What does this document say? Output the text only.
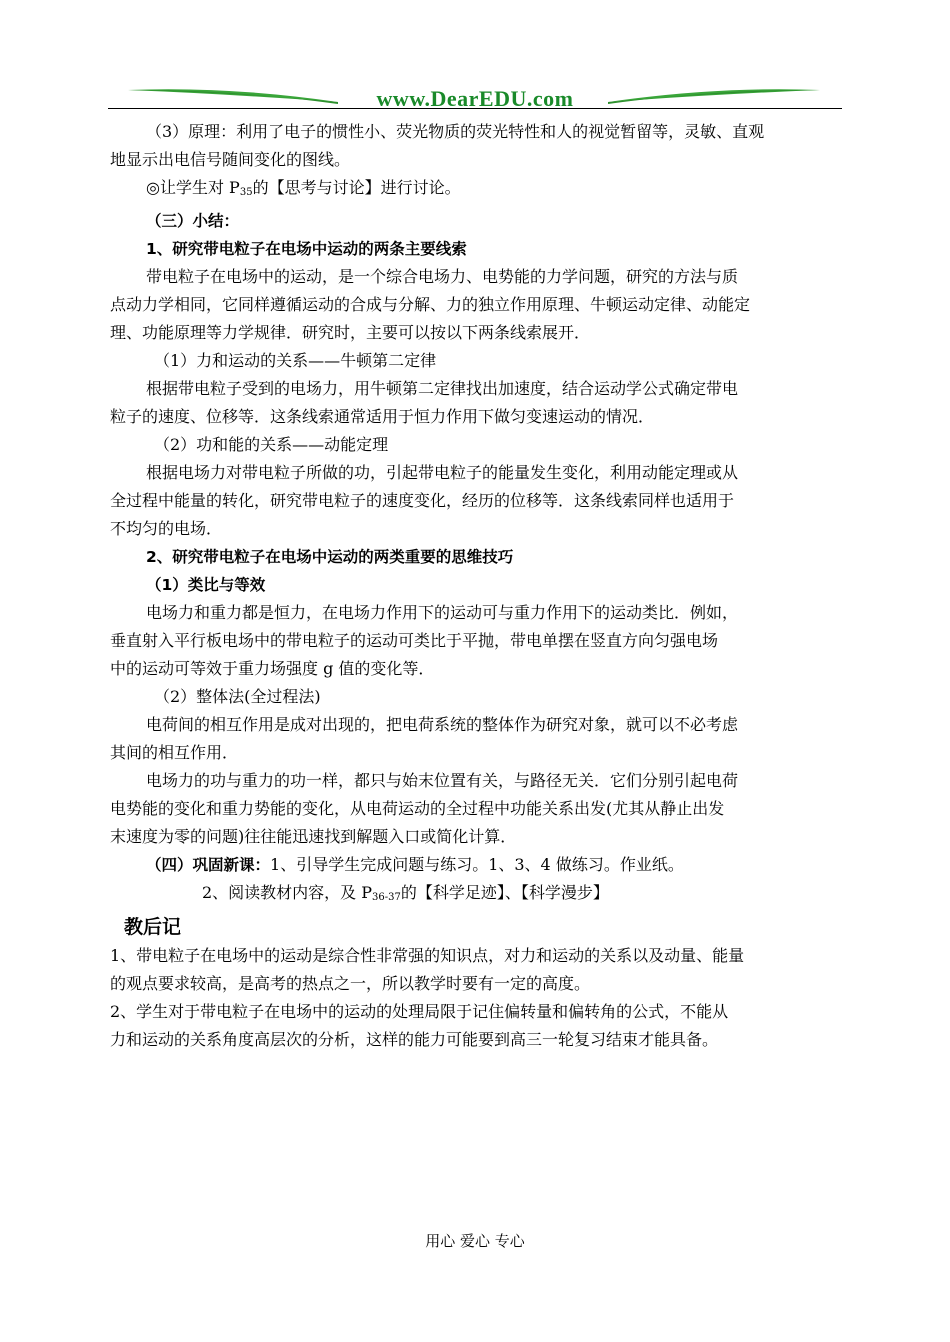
www.DearEDU.com

（3）原理：利用了电子的惯性小、荧光物质的荧光特性和人的视觉暂留等，灵敏、直观

地显示出电信号随间变化的图线。

◎让学生对 $P_{35}$的【思考与讨论】进行讨论。

（三）小结：

1、研究带电粒子在电场中运动的两条主要线索

带电粒子在电场中的运动，是一个综合电场力、电势能的力学问题，研究的方法与质

点动力学相同，它同样遵循运动的合成与分解、力的独立作用原理、牛顿运动定律、动能定

理、功能原理等力学规律．研究时，主要可以按以下两条线索展开．

（1）力和运动的关系——牛顿第二定律

根据带电粒子受到的电场力，用牛顿第二定律找出加速度，结合运动学公式确定带电

粒子的速度、位移等．这条线索通常适用于恒力作用下做匀变速运动的情况．

（2）功和能的关系——动能定理

根据电场力对带电粒子所做的功，引起带电粒子的能量发生变化，利用动能定理或从

全过程中能量的转化，研究带电粒子的速度变化，经历的位移等．这条线索同样也适用于

不均匀的电场．

2、研究带电粒子在电场中运动的两类重要的思维技巧

（1）类比与等效

电场力和重力都是恒力，在电场力作用下的运动可与重力作用下的运动类比．例如，

垂直射入平行板电场中的带电粒子的运动可类比于平抛，带电单摆在竖直方向匀强电场

中的运动可等效于重力场强度 g 值的变化等．

（2）整体法(全过程法)

电荷间的相互作用是成对出现的，把电荷系统的整体作为研究对象，就可以不必考虑

其间的相互作用．

电场力的功与重力的功一样，都只与始末位置有关，与路径无关．它们分别引起电荷

电势能的变化和重力势能的变化，从电荷运动的全过程中功能关系出发(尤其从静止出发

末速度为零的问题)往往能迅速找到解题入口或简化计算．

（四）巩固新课：1、引导学生完成问题与练习。1、3、4 做练习。作业纸。

2、阅读教材内容，及 $P_{36-37}$的【科学足迹】、【科学漫步】

教后记

1、带电粒子在电场中的运动是综合性非常强的知识点，对力和运动的关系以及动量、能量

的观点要求较高，是高考的热点之一，所以教学时要有一定的高度。

2、学生对于带电粒子在电场中的运动的处理局限于记住偏转量和偏转角的公式，不能从

力和运动的关系角度高层次的分析，这样的能力可能要到高三一轮复习结束才能具备。

用心 爱心 专心
